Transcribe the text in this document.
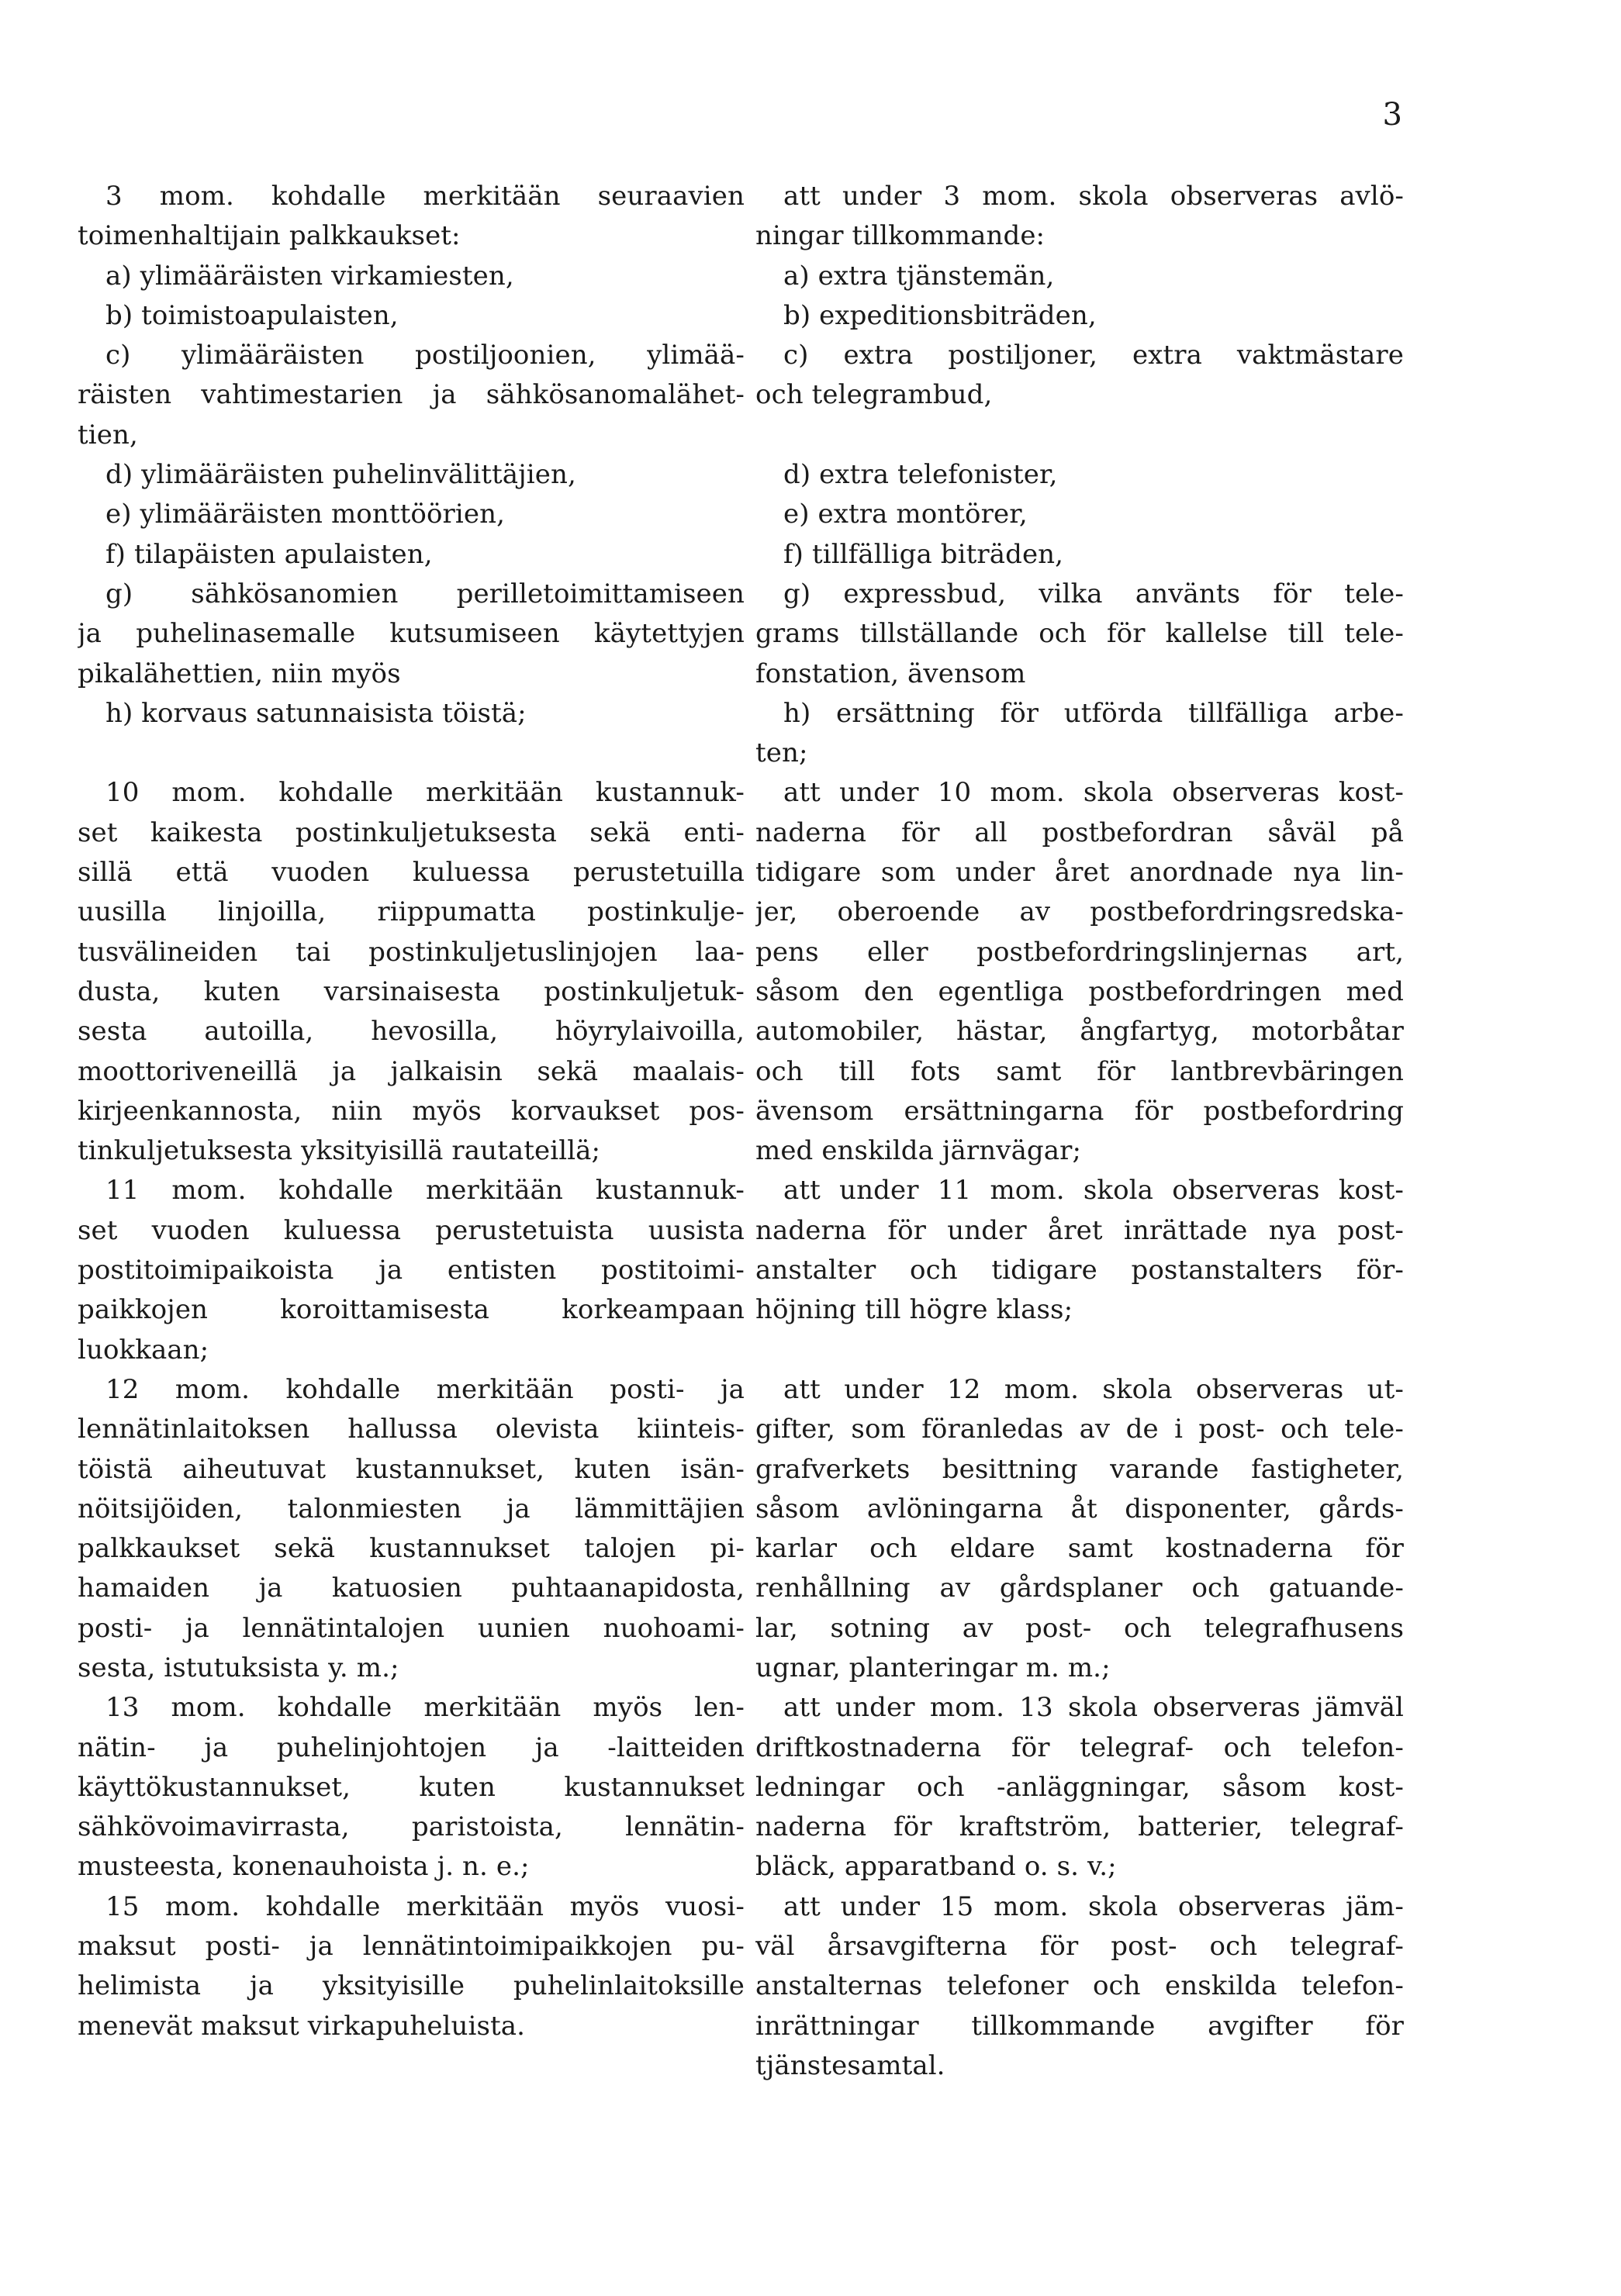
3
3 mom. kohdalle merkitään seuraavien
toimenhaltijain palkkaukset:
a) ylimääräisten virkamiesten,
b) toimistoapulaisten,
c) ylimääräisten postiljoonien, ylimää-
räisten vahtimestarien ja sähkösanomalähet-
tien,
d) ylimääräisten puhelinvälittäjien,
e) ylimääräisten monttöörien,
f) tilapäisten apulaisten,
g) sähkösanomien perilletoimittamiseen
ja puhelinasemalle kutsumiseen käytettyjen
pikalähettien, niin myös
h) korvaus satunnaisista töistä;
10 mom. kohdalle merkitään kustannuk-
set kaikesta postinkuljetuksesta sekä enti-
sillä että vuoden kuluessa perustetuilla
uusilla linjoilla, riippumatta postinkulje-
tusvälineiden tai postinkuljetuslinjojen laa-
dusta, kuten varsinaisesta postinkuljetuk-
sesta autoilla, hevosilla, höyrylaivoilla,
moottoriveneillä ja jalkaisin sekä maalais-
kirjeenkannosta, niin myös korvaukset pos-
tinkuljetuksesta yksityisillä rautateillä;
11 mom. kohdalle merkitään kustannuk-
set vuoden kuluessa perustetuista uusista
postitoimipaikoista ja entisten postitoimi-
paikkojen koroittamisesta korkeampaan
luokkaan;
12 mom. kohdalle merkitään posti- ja
lennätinlaitoksen hallussa olevista kiinteis-
töistä aiheutuvat kustannukset, kuten isän-
nöitsijöiden, talonmiesten ja lämmittäjien
palkkaukset sekä kustannukset talojen pi-
hamaiden ja katuosien puhtaanapidosta,
posti- ja lennätintalojen uunien nuohoami-
sesta, istutuksista y. m.;
13 mom. kohdalle merkitään myös len-
nätin- ja puhelinjohtojen ja -laitteiden
käyttökustannukset, kuten kustannukset
sähkövoimavirrasta, paristoista, lennätin-
musteesta, konenauhoista j. n. e.;
15 mom. kohdalle merkitään myös vuosi-
maksut posti- ja lennätintoimipaikkojen pu-
helimista ja yksityisille puhelinlaitoksille
menevät maksut virkapuheluista.
att under 3 mom. skola observeras avlö-
ningar tillkommande:
a) extra tjänstemän,
b) expeditionsbiträden,
c) extra postiljoner, extra vaktmästare
och telegrambud,
d) extra telefonister,
e) extra montörer,
f) tillfälliga biträden,
g) expressbud, vilka använts för tele-
grams tillställande och för kallelse till tele-
fonstation, ävensom
h) ersättning för utförda tillfälliga arbe-
ten;
att under 10 mom. skola observeras kost-
naderna för all postbefordran såväl på
tidigare som under året anordnade nya lin-
jer, oberoende av postbefordringsredska-
pens eller postbefordringslinjernas art,
såsom den egentliga postbefordringen med
automobiler, hästar, ångfartyg, motorbåtar
och till fots samt för lantbrevbäringen
ävensom ersättningarna för postbefordring
med enskilda järnvägar;
att under 11 mom. skola observeras kost-
naderna för under året inrättade nya post-
anstalter och tidigare postanstalters för-
höjning till högre klass;
att under 12 mom. skola observeras ut-
gifter, som föranledas av de i post- och tele-
grafverkets besittning varande fastigheter,
såsom avlöningarna åt disponenter, gårds-
karlar och eldare samt kostnaderna för
renhållning av gårdsplaner och gatuande-
lar, sotning av post- och telegrafhusens
ugnar, planteringar m. m.;
att under mom. 13 skola observeras jämväl
driftkostnaderna för telegraf- och telefon-
ledningar och -anläggningar, såsom kost-
naderna för kraftström, batterier, telegraf-
bläck, apparatband o. s. v.;
att under 15 mom. skola observeras jäm-
väl årsavgifterna för post- och telegraf-
anstalternas telefoner och enskilda telefon-
inrättningar tillkommande avgifter för
tjänstesamtal.
